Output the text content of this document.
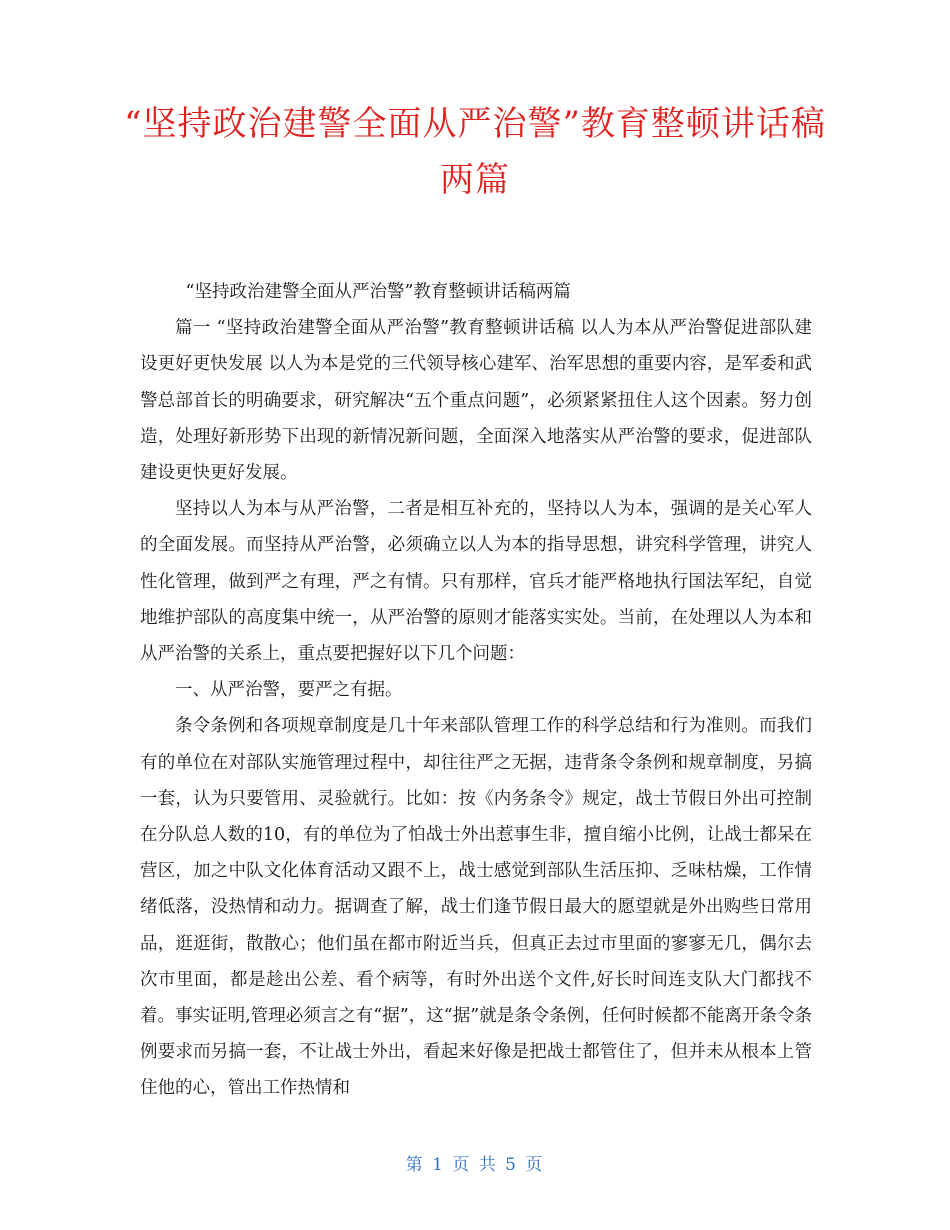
“坚持政治建警全面从严治警”教育整顿讲话稿两篇

“坚持政治建警全面从严治警”教育整顿讲话稿两篇

篇一 “坚持政治建警全面从严治警”教育整顿讲话稿 以人为本从严治警促进部队建设更好更快发展 以人为本是党的三代领导核心建军、治军思想的重要内容，是军委和武警总部首长的明确要求，研究解决“五个重点问题”，必须紧紧扭住人这个因素。努力创造，处理好新形势下出现的新情况新问题，全面深入地落实从严治警的要求，促进部队建设更快更好发展。

坚持以人为本与从严治警，二者是相互补充的，坚持以人为本，强调的是关心军人的全面发展。而坚持从严治警，必须确立以人为本的指导思想，讲究科学管理，讲究人性化管理，做到严之有理，严之有情。只有那样，官兵才能严格地执行国法军纪，自觉地维护部队的高度集中统一，从严治警的原则才能落实实处。当前，在处理以人为本和从严治警的关系上，重点要把握好以下几个问题：

一、从严治警，要严之有据。

条令条例和各项规章制度是几十年来部队管理工作的科学总结和行为准则。而我们有的单位在对部队实施管理过程中，却往往严之无据，违背条令条例和规章制度，另搞一套，认为只要管用、灵验就行。比如：按《内务条令》规定，战士节假日外出可控制在分队总人数的10，有的单位为了怕战士外出惹事生非，擅自缩小比例，让战士都呆在营区，加之中队文化体育活动又跟不上，战士感觉到部队生活压抑、乏味枯燥，工作情绪低落，没热情和动力。据调查了解，战士们逢节假日最大的愿望就是外出购些日常用品，逛逛街，散散心；他们虽在都市附近当兵，但真正去过市里面的寥寥无几，偶尔去次市里面，都是趁出公差、看个病等，有时外出送个文件,好长时间连支队大门都找不着。事实证明,管理必须言之有“据”，这“据”就是条令条例，任何时候都不能离开条令条例要求而另搞一套，不让战士外出，看起来好像是把战士都管住了，但并未从根本上管住他的心，管出工作热情和

第 1 页 共 5 页
